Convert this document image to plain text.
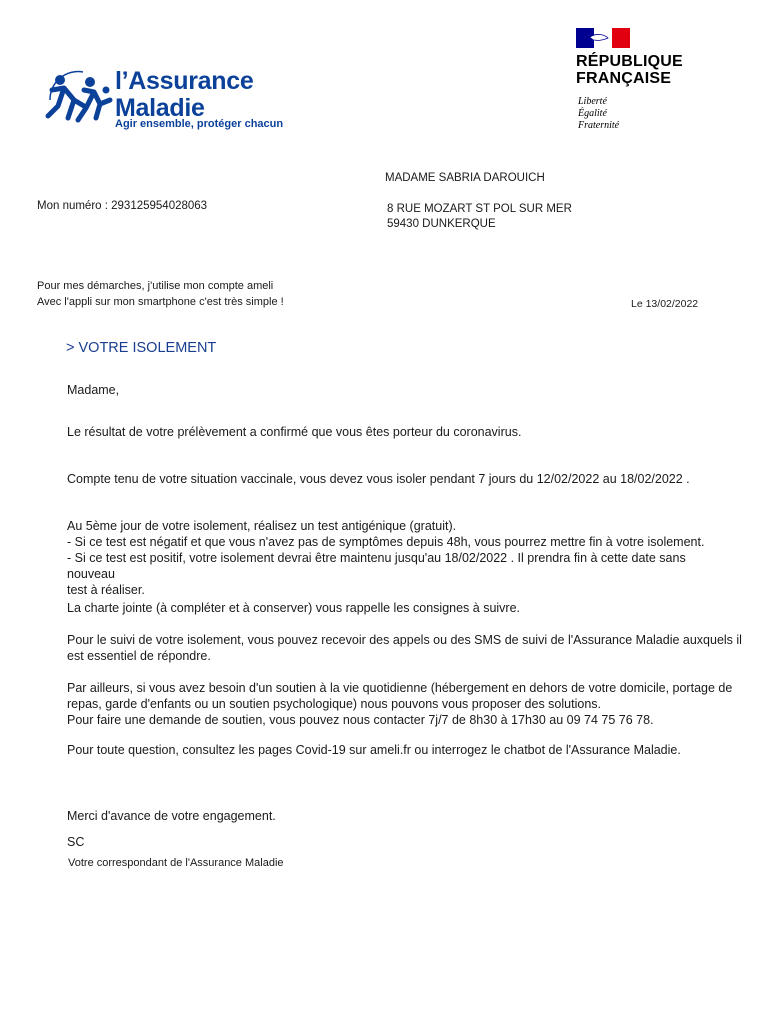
l’Assurance
Maladie
Agir ensemble, protéger chacun
RÉPUBLIQUE
FRANÇAISE
Liberté
Égalité
Fraternité
MADAME SABRIA DAROUICH
8 RUE MOZART ST POL SUR MER
59430 DUNKERQUE
Mon numéro : 293125954028063
Pour mes démarches, j'utilise mon compte ameli
Avec l'appli sur mon smartphone c'est très simple !	Le 13/02/2022
> VOTRE ISOLEMENT
Madame,
Le résultat de votre prélèvement a confirmé que vous êtes porteur du coronavirus.
Compte tenu de votre situation vaccinale, vous devez vous isoler pendant 7 jours du 12/02/2022 au 18/02/2022 .
Au 5ème jour de votre isolement, réalisez un test antigénique (gratuit).
- Si ce test est négatif et que vous n'avez pas de symptômes depuis 48h, vous pourrez mettre fin à votre isolement.
- Si ce test est positif, votre isolement devrai être maintenu jusqu'au 18/02/2022 . Il prendra fin à cette date sans nouveau
test à réaliser.
La charte jointe (à compléter et à conserver) vous rappelle les consignes à suivre.
Pour le suivi de votre isolement, vous pouvez recevoir des appels ou des SMS de suivi de l'Assurance Maladie auxquels il
est essentiel de répondre.
Par ailleurs, si vous avez besoin d'un soutien à la vie quotidienne (hébergement en dehors de votre domicile, portage de
repas, garde d'enfants ou un soutien psychologique) nous pouvons vous proposer des solutions.
Pour faire une demande de soutien, vous pouvez nous contacter 7j/7 de 8h30 à 17h30 au 09 74 75 76 78.
Pour toute question, consultez les pages Covid-19 sur ameli.fr ou interrogez le chatbot de l'Assurance Maladie.
Merci d'avance de votre engagement.
SC
Votre correspondant de l'Assurance Maladie
